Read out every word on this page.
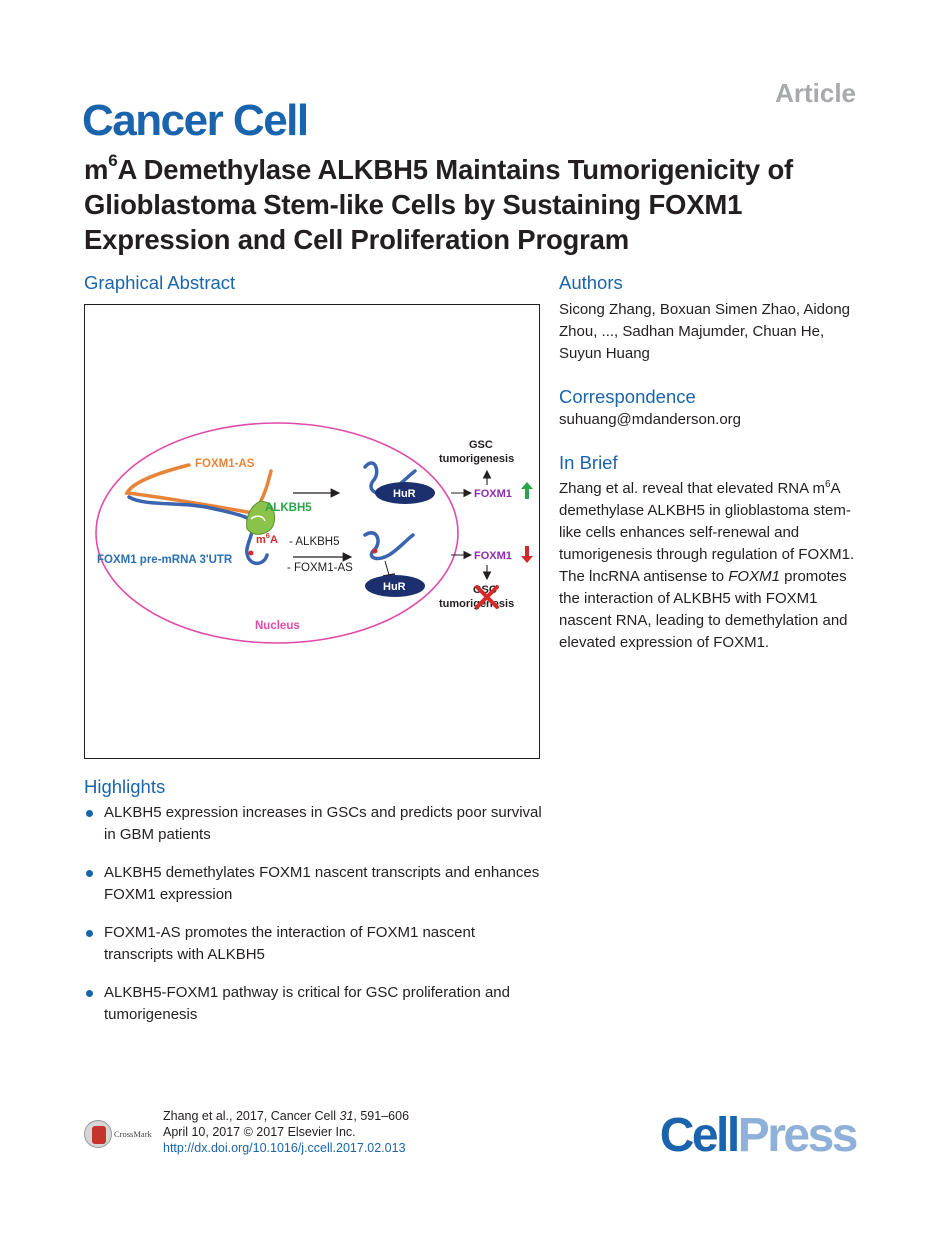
Article
Cancer Cell
$m^6A$ Demethylase ALKBH5 Maintains Tumorigenicity of Glioblastoma Stem-like Cells by Sustaining FOXM1 Expression and Cell Proliferation Program
Graphical Abstract
FOXM1-AS
ALKBH5
$m^6A$
FOXM1 pre-mRNA 3'UTR
Nucleus
HuR
- ALKBH5
- FOXM1-AS
HuR
GSC
tumorigenesis
FOXM1
FOXM1
GSC
tumorigenesis
Highlights
ALKBH5 expression increases in GSCs and predicts poor survival in GBM patients
ALKBH5 demethylates FOXM1 nascent transcripts and enhances FOXM1 expression
FOXM1-AS promotes the interaction of FOXM1 nascent transcripts with ALKBH5
ALKBH5-FOXM1 pathway is critical for GSC proliferation and tumorigenesis
Authors
Sicong Zhang, Boxuan Simen Zhao, Aidong Zhou, ..., Sadhan Majumder, Chuan He, Suyun Huang
Correspondence
suhuang@mdanderson.org
In Brief
Zhang et al. reveal that elevated RNA $m^6A$ demethylase ALKBH5 in glioblastoma stem-like cells enhances self-renewal and tumorigenesis through regulation of FOXM1. The lncRNA antisense to FOXM1 promotes the interaction of ALKBH5 with FOXM1 nascent RNA, leading to demethylation and elevated expression of FOXM1.
CrossMark
Zhang et al., 2017, Cancer Cell 31, 591–606
April 10, 2017 © 2017 Elsevier Inc.
http://dx.doi.org/10.1016/j.ccell.2017.02.013	CellPress
